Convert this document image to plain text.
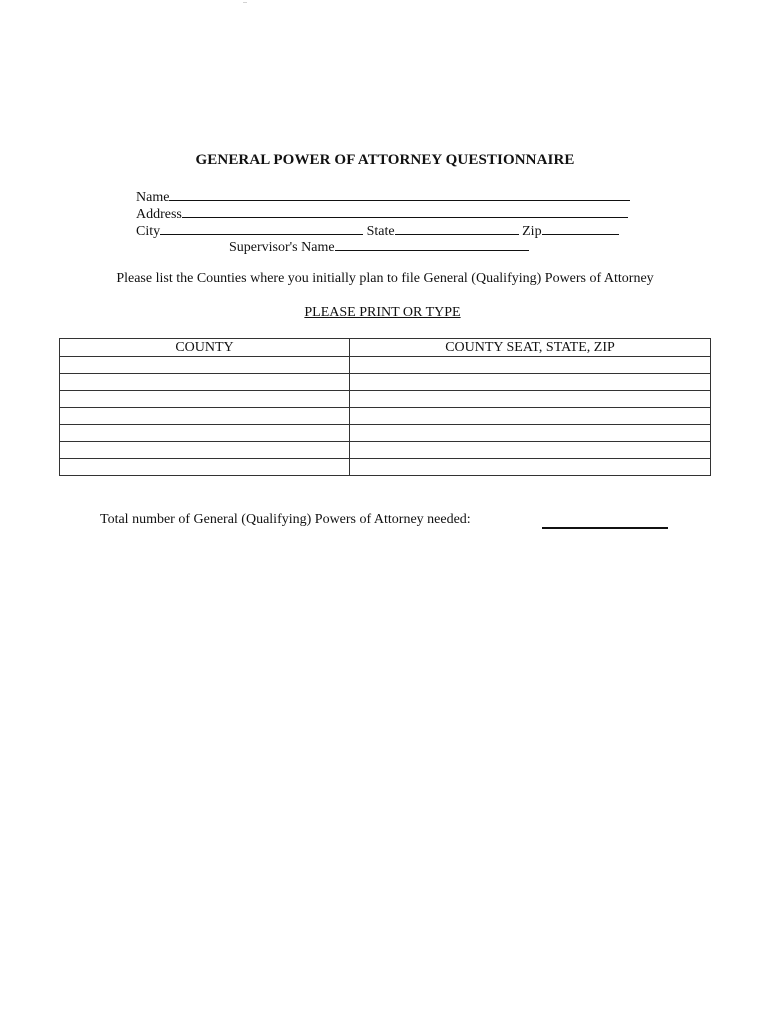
--
GENERAL POWER OF ATTORNEY QUESTIONNAIRE
Name
Address
City	State	Zip
Supervisor's Name
Please list the Counties where you initially plan to file General (Qualifying) Powers of Attorney
PLEASE PRINT OR TYPE
COUNTY	COUNTY SEAT, STATE, ZIP

Total number of General (Qualifying) Powers of Attorney needed:
